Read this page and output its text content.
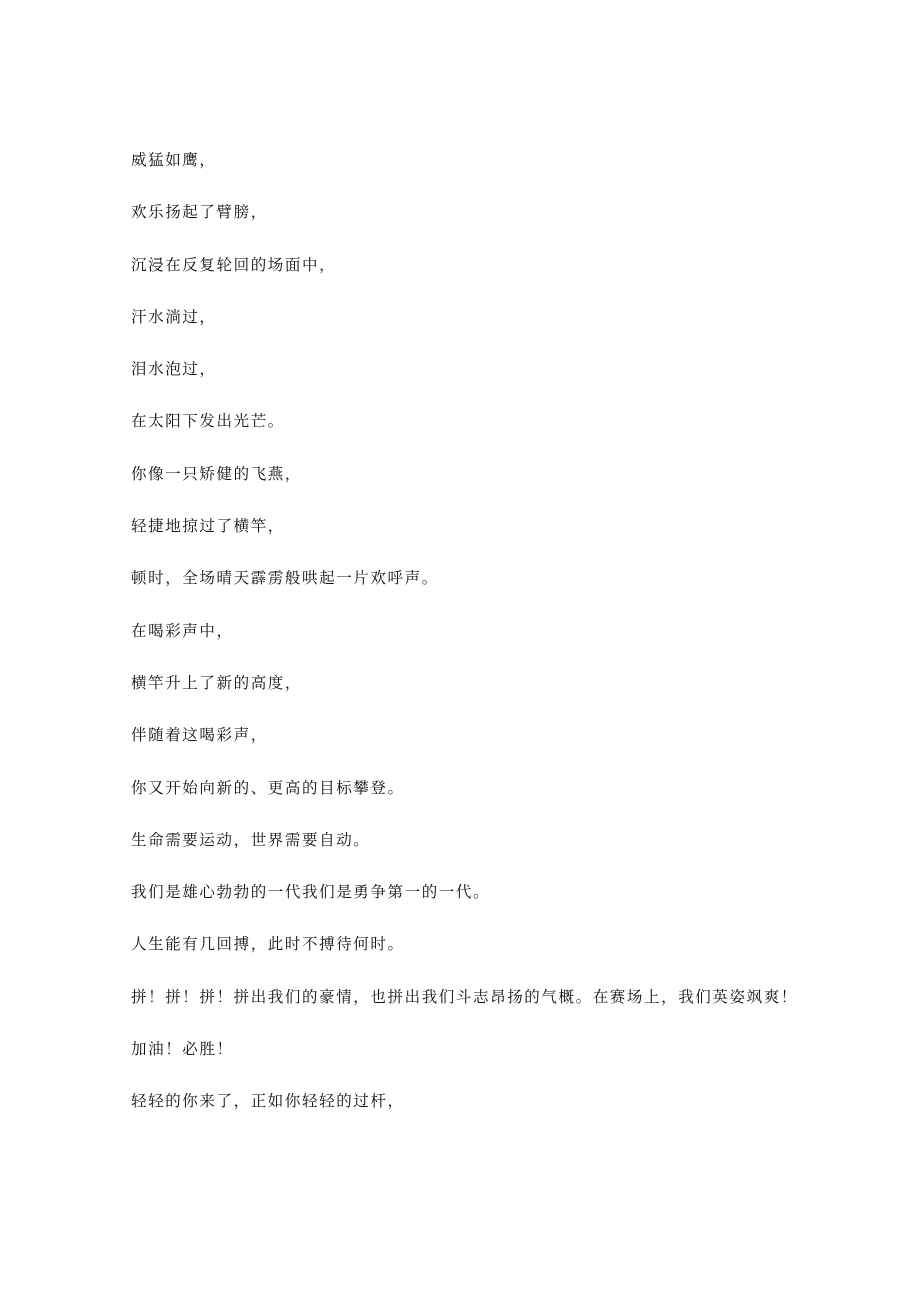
威猛如鹰，
欢乐扬起了臂膀，
沉浸在反复轮回的场面中，
汗水淌过，
泪水泡过，
在太阳下发出光芒。
你像一只矫健的飞燕，
轻捷地掠过了横竿，
顿时，全场晴天霹雳般哄起一片欢呼声。
在喝彩声中，
横竿升上了新的高度，
伴随着这喝彩声，
你又开始向新的、更高的目标攀登。
生命需要运动，世界需要自动。
我们是雄心勃勃的一代我们是勇争第一的一代。
人生能有几回搏，此时不搏待何时。
拼！拼！拼！拼出我们的豪情，也拼出我们斗志昂扬的气概。在赛场上，我们英姿飒爽！
加油！必胜！
轻轻的你来了，正如你轻轻的过杆，
